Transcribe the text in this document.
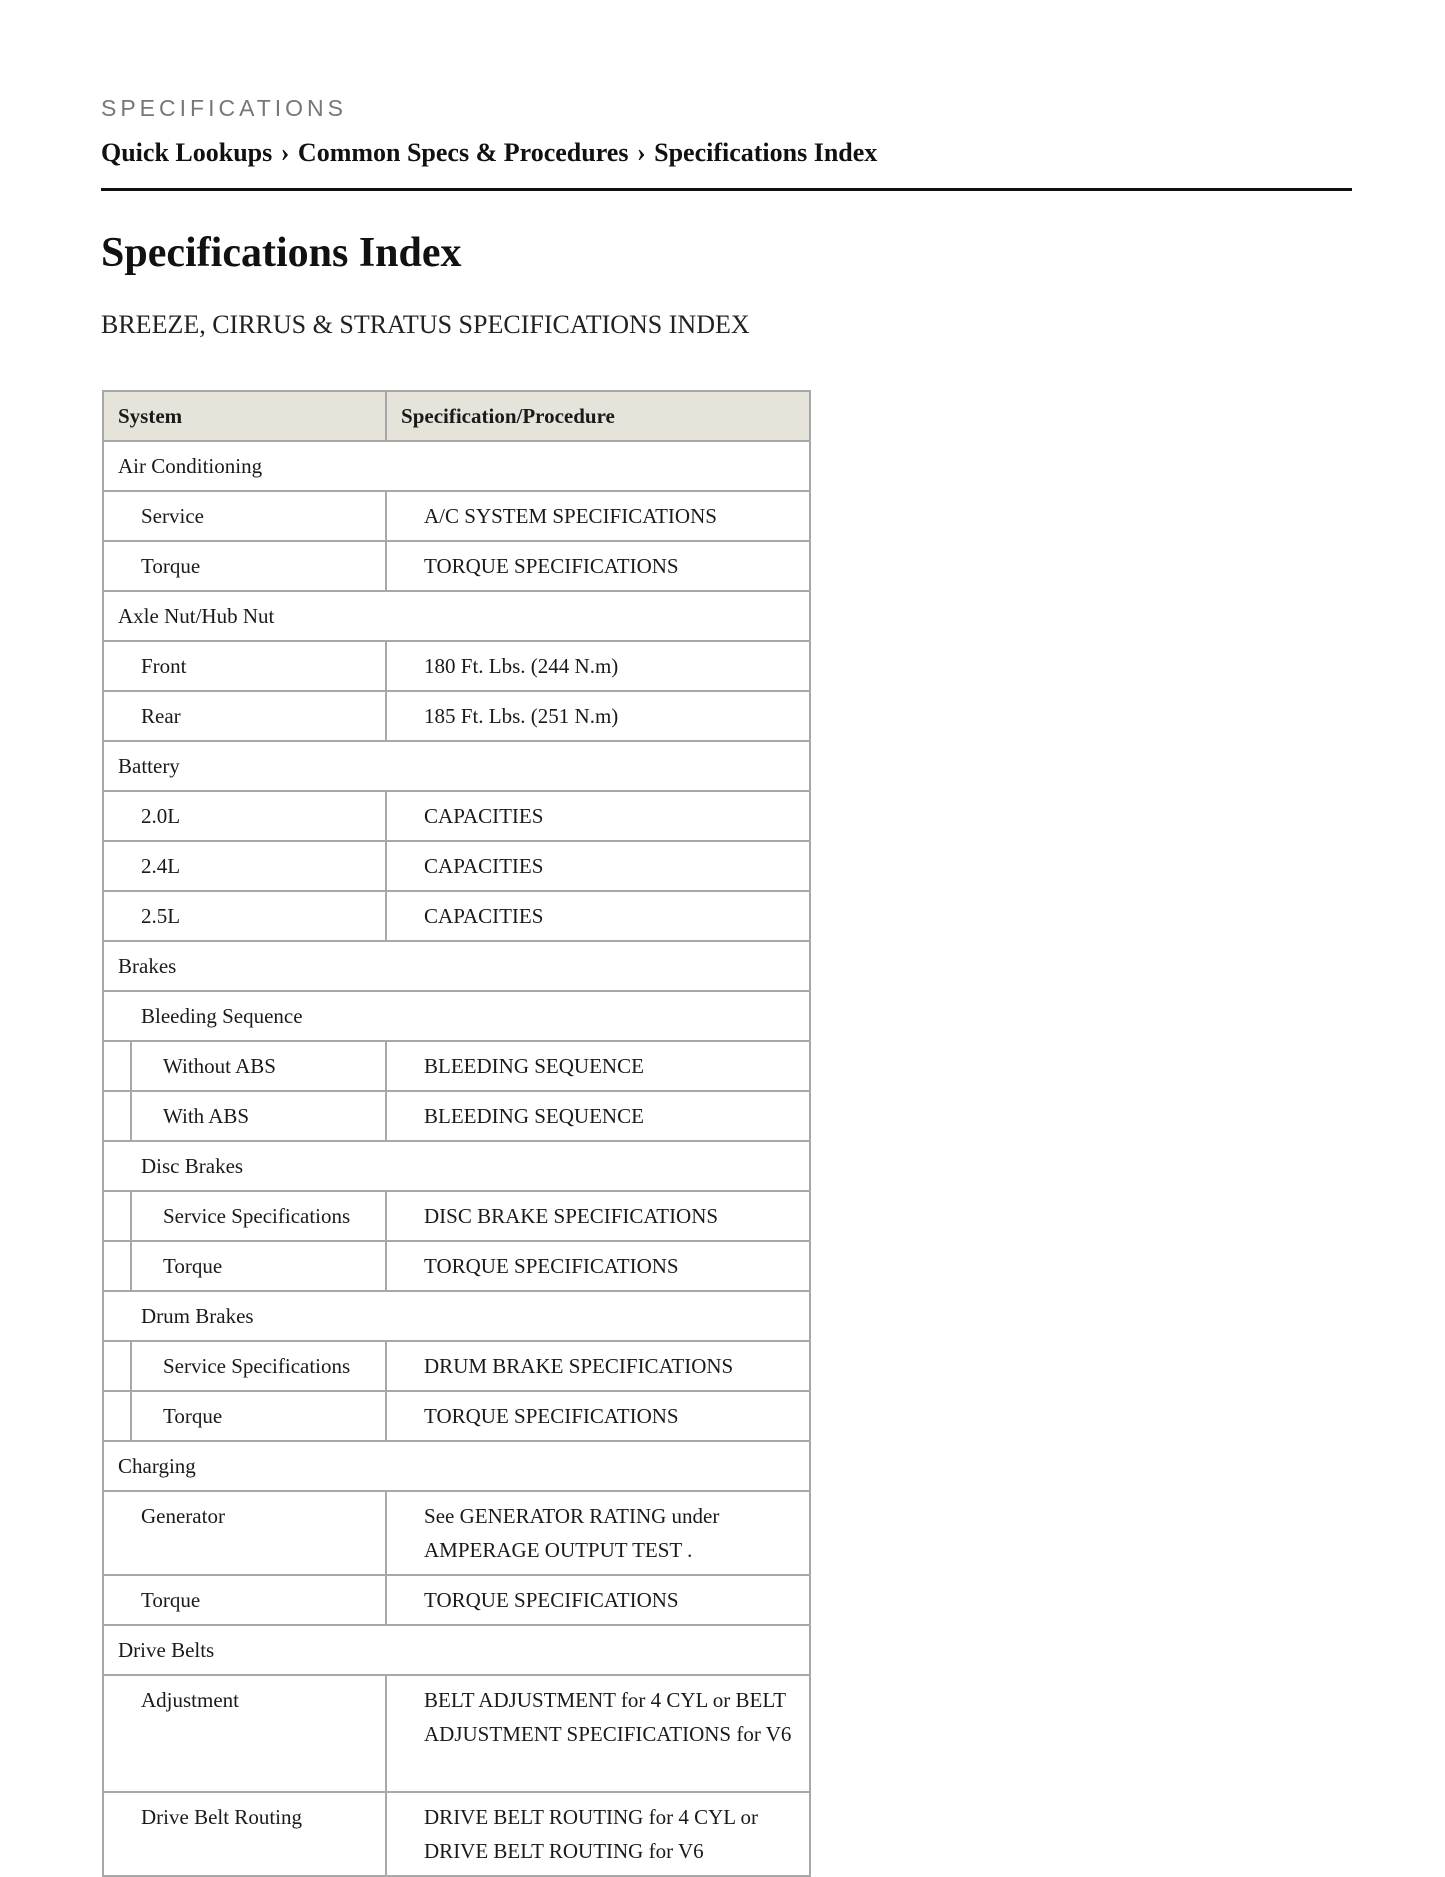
SPECIFICATIONS
Quick Lookups › Common Specs & Procedures › Specifications Index
Specifications Index
BREEZE, CIRRUS & STRATUS SPECIFICATIONS INDEX
System		Specification/Procedure
Air Conditioning		
Service		A/C SYSTEM SPECIFICATIONS
Torque		TORQUE SPECIFICATIONS
Axle Nut/Hub Nut		
Front		180 Ft. Lbs. (244 N.m)
Rear		185 Ft. Lbs. (251 N.m)
Battery		
2.0L		CAPACITIES
2.4L		CAPACITIES
2.5L		CAPACITIES
Brakes		
Bleeding Sequence		
	Without ABS	BLEEDING SEQUENCE
	With ABS	BLEEDING SEQUENCE
Disc Brakes		
	Service Specifications	DISC BRAKE SPECIFICATIONS
	Torque	TORQUE SPECIFICATIONS
Drum Brakes		
	Service Specifications	DRUM BRAKE SPECIFICATIONS
	Torque	TORQUE SPECIFICATIONS
Charging		
Generator		See GENERATOR RATING under AMPERAGE OUTPUT TEST .
Torque		TORQUE SPECIFICATIONS
Drive Belts		
Adjustment		BELT ADJUSTMENT for 4 CYL or BELT ADJUSTMENT SPECIFICATIONS for V6
Drive Belt Routing		DRIVE BELT ROUTING for 4 CYL or DRIVE BELT ROUTING for V6
